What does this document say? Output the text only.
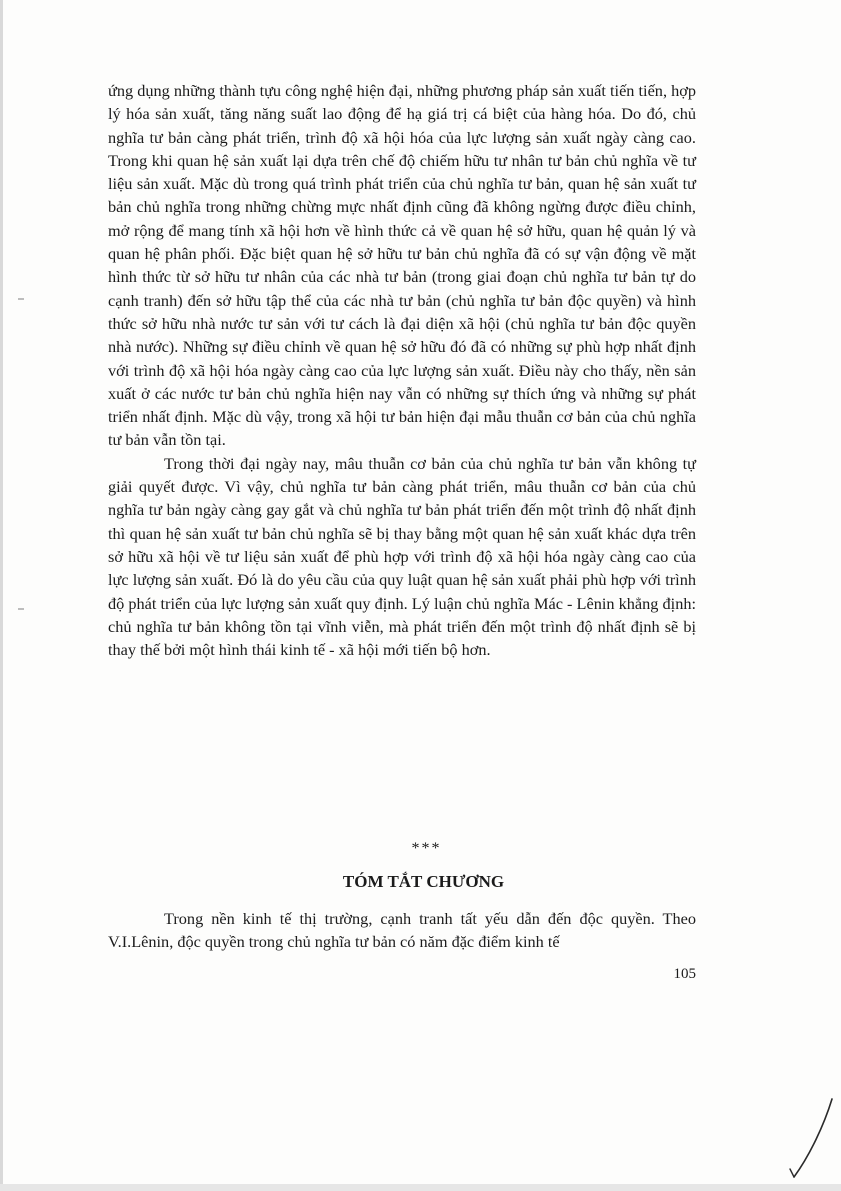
ứng dụng những thành tựu công nghệ hiện đại, những phương pháp sản xuất tiến tiến, hợp lý hóa sản xuất, tăng năng suất lao động để hạ giá trị cá biệt của hàng hóa. Do đó, chủ nghĩa tư bản càng phát triển, trình độ xã hội hóa của lực lượng sản xuất ngày càng cao. Trong khi quan hệ sản xuất lại dựa trên chế độ chiếm hữu tư nhân tư bản chủ nghĩa về tư liệu sản xuất. Mặc dù trong quá trình phát triển của chủ nghĩa tư bản, quan hệ sản xuất tư bản chủ nghĩa trong những chừng mực nhất định cũng đã không ngừng được điều chỉnh, mở rộng để mang tính xã hội hơn về hình thức cả về quan hệ sở hữu, quan hệ quản lý và quan hệ phân phối. Đặc biệt quan hệ sở hữu tư bản chủ nghĩa đã có sự vận động về mặt hình thức từ sở hữu tư nhân của các nhà tư bản (trong giai đoạn chủ nghĩa tư bản tự do cạnh tranh) đến sở hữu tập thể của các nhà tư bản (chủ nghĩa tư bản độc quyền) và hình thức sở hữu nhà nước tư sản với tư cách là đại diện xã hội (chủ nghĩa tư bản độc quyền nhà nước). Những sự điều chỉnh về quan hệ sở hữu đó đã có những sự phù hợp nhất định với trình độ xã hội hóa ngày càng cao của lực lượng sản xuất. Điều này cho thấy, nền sản xuất ở các nước tư bản chủ nghĩa hiện nay vẫn có những sự thích ứng và những sự phát triển nhất định. Mặc dù vậy, trong xã hội tư bản hiện đại mẫu thuẫn cơ bản của chủ nghĩa tư bản vẫn tồn tại.

Trong thời đại ngày nay, mâu thuẫn cơ bản của chủ nghĩa tư bản vẫn không tự giải quyết được. Vì vậy, chủ nghĩa tư bản càng phát triển, mâu thuẫn cơ bản của chủ nghĩa tư bản ngày càng gay gắt và chủ nghĩa tư bản phát triển đến một trình độ nhất định thì quan hệ sản xuất tư bản chủ nghĩa sẽ bị thay bằng một quan hệ sản xuất khác dựa trên sở hữu xã hội về tư liệu sản xuất để phù hợp với trình độ xã hội hóa ngày càng cao của lực lượng sản xuất. Đó là do yêu cầu của quy luật quan hệ sản xuất phải phù hợp với trình độ phát triển của lực lượng sản xuất quy định. Lý luận chủ nghĩa Mác - Lênin khẳng định: chủ nghĩa tư bản không tồn tại vĩnh viễn, mà phát triển đến một trình độ nhất định sẽ bị thay thế bởi một hình thái kinh tế - xã hội mới tiến bộ hơn.

***
TÓM TẮT CHƯƠNG

Trong nền kinh tế thị trường, cạnh tranh tất yếu dẫn đến độc quyền. Theo V.I.Lênin, độc quyền trong chủ nghĩa tư bản có năm đặc điểm kinh tế

105
